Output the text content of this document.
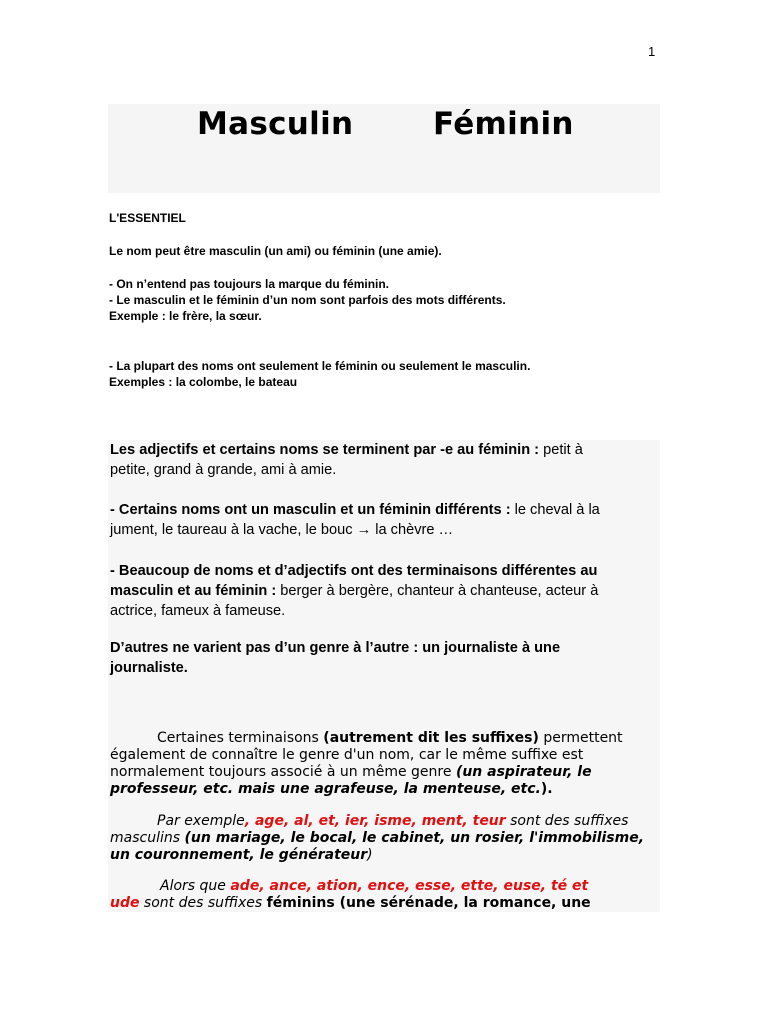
1
Masculin	Féminin
L'ESSENTIEL
Le nom peut être masculin (un ami) ou féminin (une amie).
- On n’entend pas toujours la marque du féminin.
- Le masculin et le féminin d’un nom sont parfois des mots différents.
Exemple : le frère, la sœur.
- La plupart des noms ont seulement le féminin ou seulement le masculin.
Exemples : la colombe, le bateau
Les adjectifs et certains noms se terminent par -e au féminin : petit à
petite, grand à grande, ami à amie.
- Certains noms ont un masculin et un féminin différents : le cheval à la
jument, le taureau à la vache, le bouc → la chèvre …
- Beaucoup de noms et d’adjectifs ont des terminaisons différentes au
masculin et au féminin : berger à bergère, chanteur à chanteuse, acteur à
actrice, fameux à fameuse.
D’autres ne varient pas d’un genre à l’autre : un journaliste à une
journaliste.
Certaines terminaisons (autrement dit les suffixes) permettent
également de connaître le genre d'un nom, car le même suffixe est
normalement toujours associé à un même genre (un aspirateur, le
professeur, etc. mais une agrafeuse, la menteuse, etc.).
Par exemple, age, al, et, ier, isme, ment, teur sont des suffixes
masculins (un mariage, le bocal, le cabinet, un rosier, l'immobilisme,
un couronnement, le générateur)
Alors que ade, ance, ation, ence, esse, ette, euse, té et
ude sont des suffixes féminins (une sérénade, la romance, une
